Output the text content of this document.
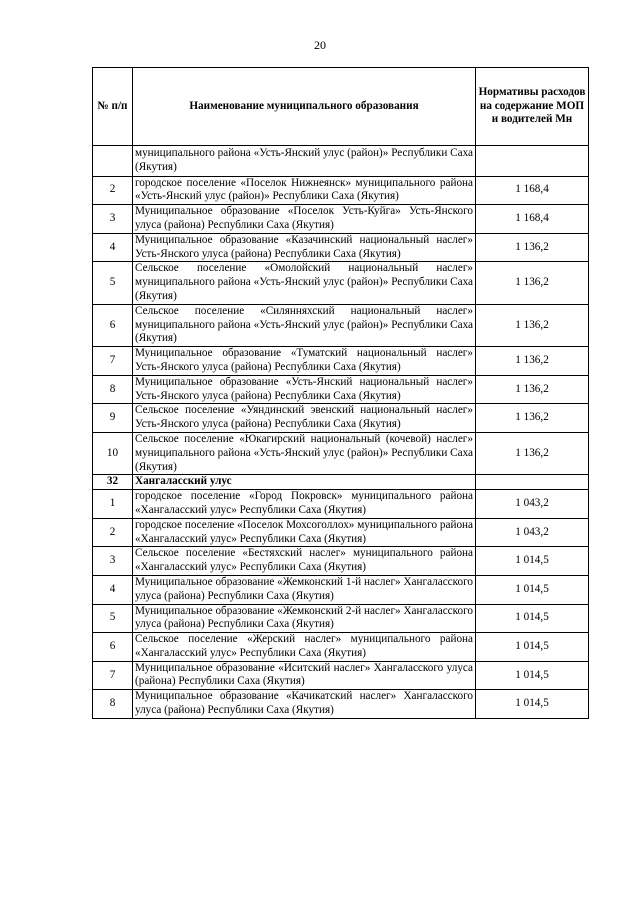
20
№ п/п	Наименование муниципального образования	Нормативы расходов на содержание МОП и водителей Мн
	муниципального района «Усть-Янский улус (район)» Республики Саха (Якутия)	
2	городское поселение «Поселок Нижнеянск» муниципального района «Усть-Янский улус (район)» Республики Саха (Якутия)	1 168,4
3	Муниципальное образование «Поселок Усть-Куйга» Усть-Янского улуса (района) Республики Саха (Якутия)	1 168,4
4	Муниципальное образование «Казачинский национальный наслег» Усть-Янского улуса (района) Республики Саха (Якутия)	1 136,2
5	Сельское поселение «Омолойский национальный наслег» муниципального района «Усть-Янский улус (район)» Республики Саха (Якутия)	1 136,2
6	Сельское поселение «Силянняхский национальный наслег» муниципального района «Усть-Янский улус (район)» Республики Саха (Якутия)	1 136,2
7	Муниципальное образование «Туматский национальный наслег» Усть-Янского улуса (района) Республики Саха (Якутия)	1 136,2
8	Муниципальное образование «Усть-Янский национальный наслег» Усть-Янского улуса (района) Республики Саха (Якутия)	1 136,2
9	Сельское поселение «Уяндинский эвенский национальный наслег» Усть-Янского улуса (района) Республики Саха (Якутия)	1 136,2
10	Сельское поселение «Юкагирский национальный (кочевой) наслег» муниципального района «Усть-Янский улус (район)» Республики Саха (Якутия)	1 136,2
32	Хангаласский улус	
1	городское поселение «Город Покровск» муниципального района «Хангаласский улус» Республики Саха (Якутия)	1 043,2
2	городское поселение «Поселок Мохсоголлох» муниципального района «Хангаласский улус» Республики Саха (Якутия)	1 043,2
3	Сельское поселение «Бестяхский наслег» муниципального района «Хангаласский улус» Республики Саха (Якутия)	1 014,5
4	Муниципальное образование «Жемконский 1-й наслег» Хангаласского улуса (района) Республики Саха (Якутия)	1 014,5
5	Муниципальное образование «Жемконский 2-й наслег» Хангаласского улуса (района) Республики Саха (Якутия)	1 014,5
6	Сельское поселение «Жерский наслег» муниципального района «Хангаласский улус» Республики Саха (Якутия)	1 014,5
7	Муниципальное образование «Иситский наслег» Хангаласского улуса (района) Республики Саха (Якутия)	1 014,5
8	Муниципальное образование «Качикатский наслег» Хангаласского улуса (района) Республики Саха (Якутия)	1 014,5
